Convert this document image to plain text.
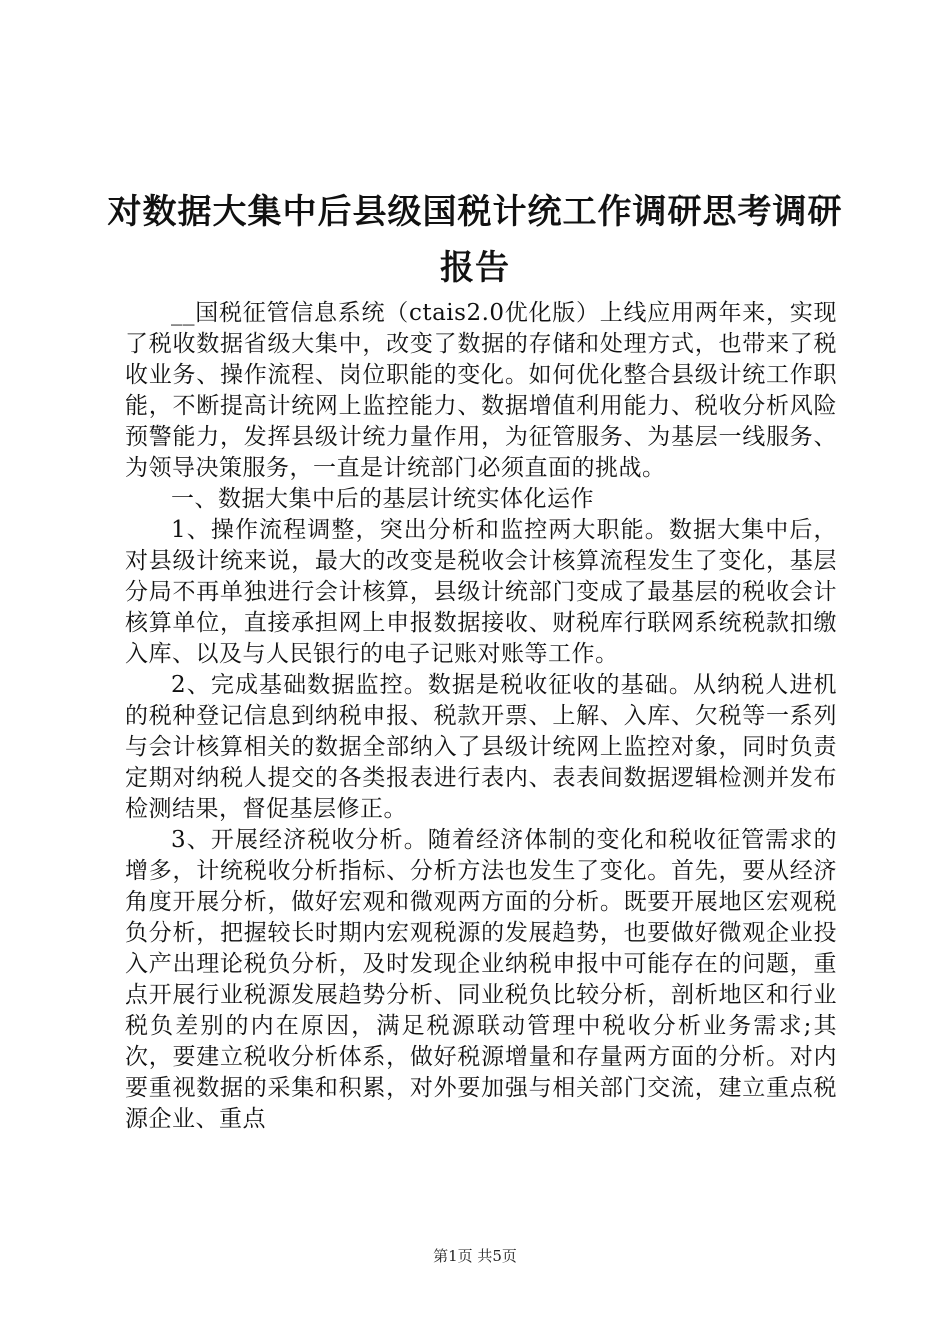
对数据大集中后县级国税计统工作调研思考调研报告

__国税征管信息系统（ctais2.0优化版）上线应用两年来，实现了税收数据省级大集中，改变了数据的存储和处理方式，也带来了税收业务、操作流程、岗位职能的变化。如何优化整合县级计统工作职能，不断提高计统网上监控能力、数据增值利用能力、税收分析风险预警能力，发挥县级计统力量作用，为征管服务、为基层一线服务、为领导决策服务，一直是计统部门必须直面的挑战。

一、数据大集中后的基层计统实体化运作

1、操作流程调整，突出分析和监控两大职能。数据大集中后，对县级计统来说，最大的改变是税收会计核算流程发生了变化，基层分局不再单独进行会计核算，县级计统部门变成了最基层的税收会计核算单位，直接承担网上申报数据接收、财税库行联网系统税款扣缴入库、以及与人民银行的电子记账对账等工作。

2、完成基础数据监控。数据是税收征收的基础。从纳税人进机的税种登记信息到纳税申报、税款开票、上解、入库、欠税等一系列与会计核算相关的数据全部纳入了县级计统网上监控对象，同时负责定期对纳税人提交的各类报表进行表内、表表间数据逻辑检测并发布检测结果，督促基层修正。

3、开展经济税收分析。随着经济体制的变化和税收征管需求的增多，计统税收分析指标、分析方法也发生了变化。首先，要从经济角度开展分析，做好宏观和微观两方面的分析。既要开展地区宏观税负分析，把握较长时期内宏观税源的发展趋势，也要做好微观企业投入产出理论税负分析，及时发现企业纳税申报中可能存在的问题，重点开展行业税源发展趋势分析、同业税负比较分析，剖析地区和行业税负差别的内在原因，满足税源联动管理中税收分析业务需求;其次，要建立税收分析体系，做好税源增量和存量两方面的分析。对内要重视数据的采集和积累，对外要加强与相关部门交流，建立重点税源企业、重点

第1页 共5页
